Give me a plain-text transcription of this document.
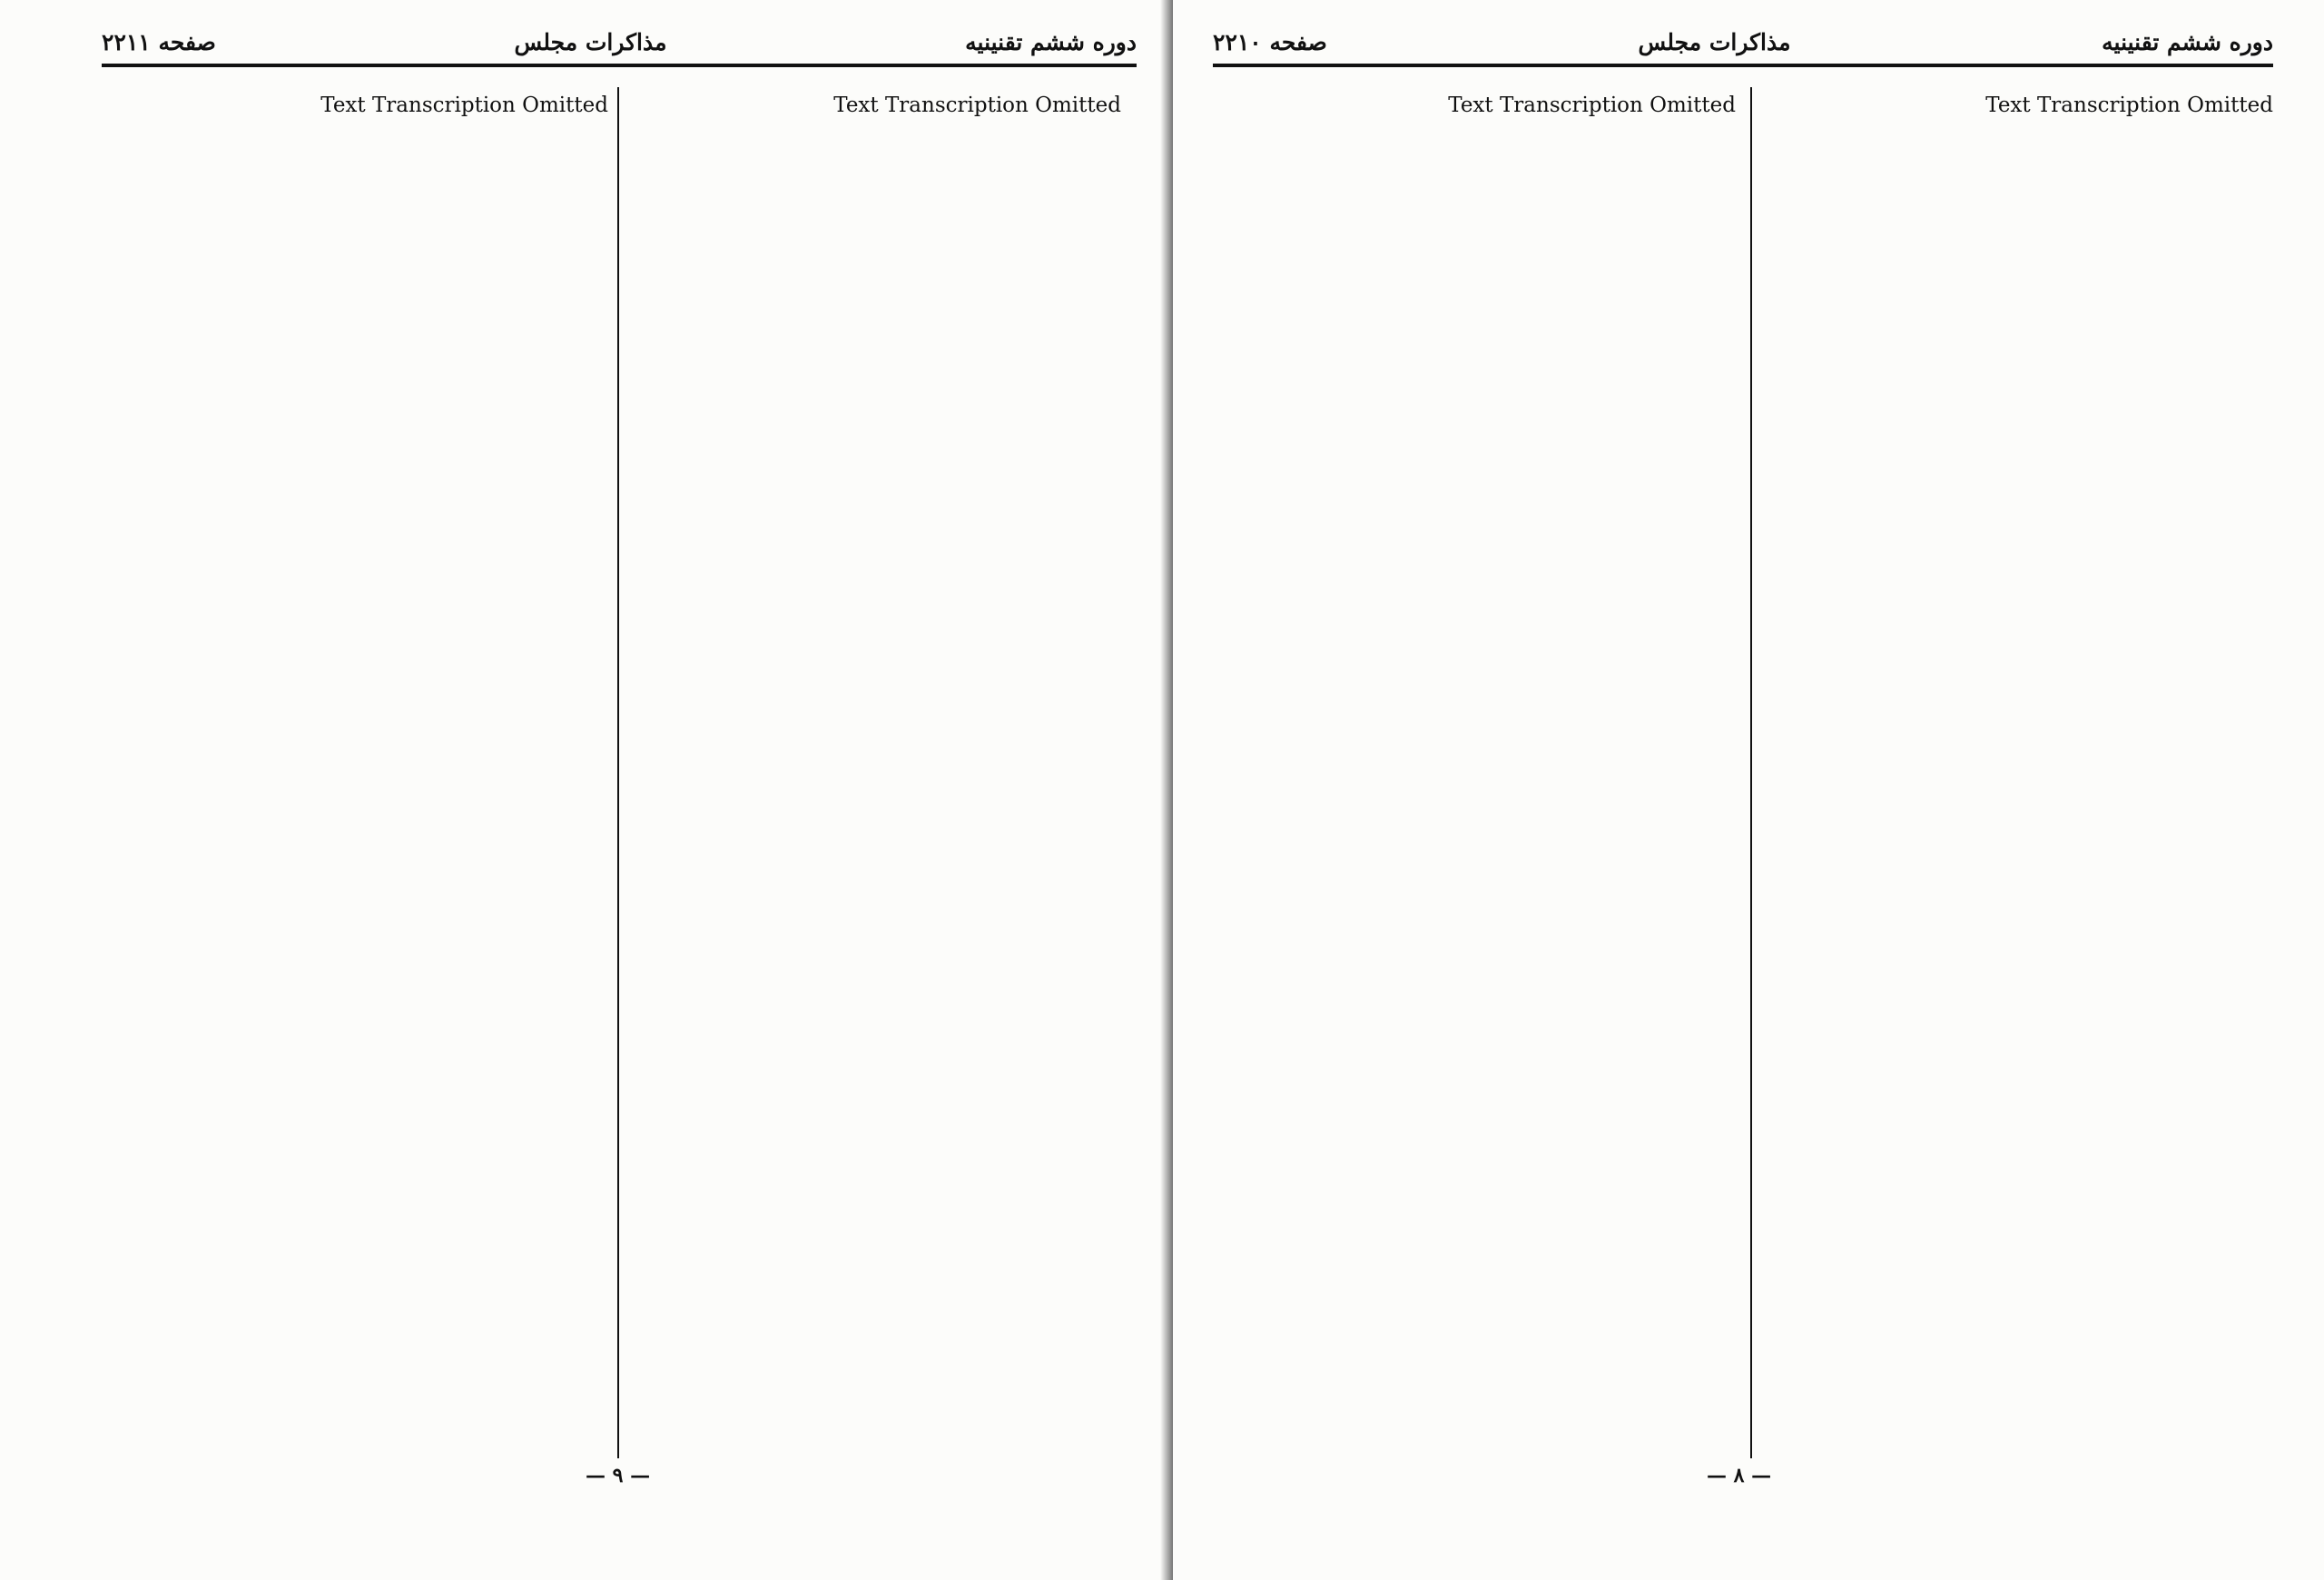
دوره ششم تقنينيه
مذاكرات مجلس
صفحه ۲۲۱۱

Text Transcription Omitted

Text Transcription Omitted

— ۹ —
دوره ششم تقنينيه
مذاكرات مجلس
صفحه ۲۲۱۰

Text Transcription Omitted

Text Transcription Omitted

— ۸ —
